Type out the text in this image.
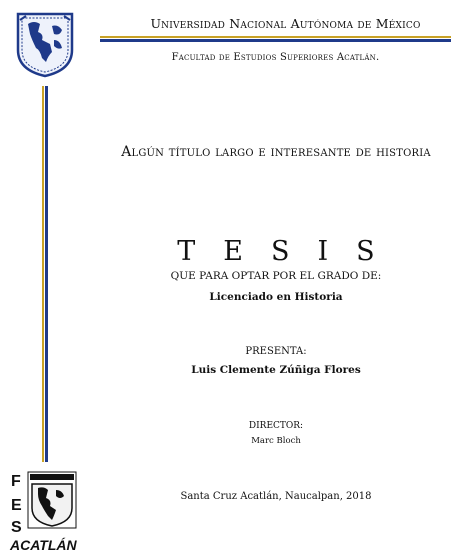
Universidad Nacional Autónoma de México
Facultad de Estudios Superiores Acatlán.
F
E
S
ACATLÁN
Algún título largo e interesante de historia
TESIS
QUE PARA OPTAR POR EL GRADO DE:
Licenciado en Historia
PRESENTA:
Luis Clemente Zúñiga Flores
DIRECTOR:
Marc Bloch
Santa Cruz Acatlán, Naucalpan, 2018
